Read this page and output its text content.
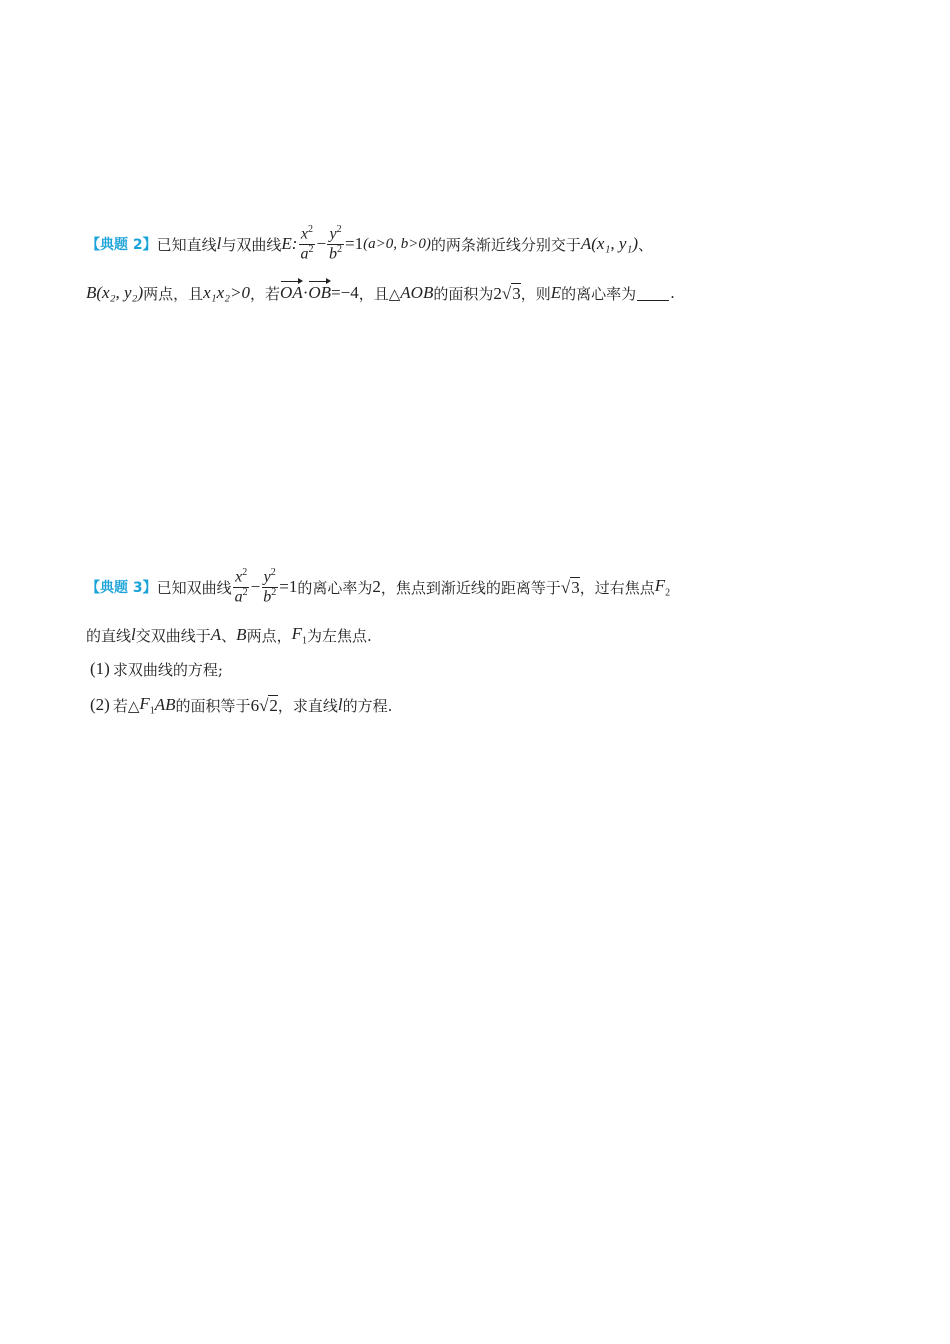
【典题 2】 已知直线 l 与双曲线 E: $\frac{x^2}{a^2} - \frac{y^2}{b^2} =1$ (a>0, b>0) 的两条渐近线分别交于 A(x₁, y₁) 、
B(x₂, y₂) 两点，且 x₁x₂>0 ，若 OA · OB =−4 ，且△ AOB 的面积为 2 √ 3 ，则 E 的离心率为 .
【典题 3】 已知双曲线 $\frac{x^2}{a^2} - \frac{y^2}{b^2} =1$ 的离心率为 2 ，焦点到渐近线的距离等于 √ 3 ，过右焦点 $F_2$
的直线 l 交双曲线于 A 、 B 两点， $F_1$ 为左焦点.
(1) 求双曲线的方程;
(2) 若△ $F_1$ AB 的面积等于 6 √ 2 ，求直线 l 的方程.
